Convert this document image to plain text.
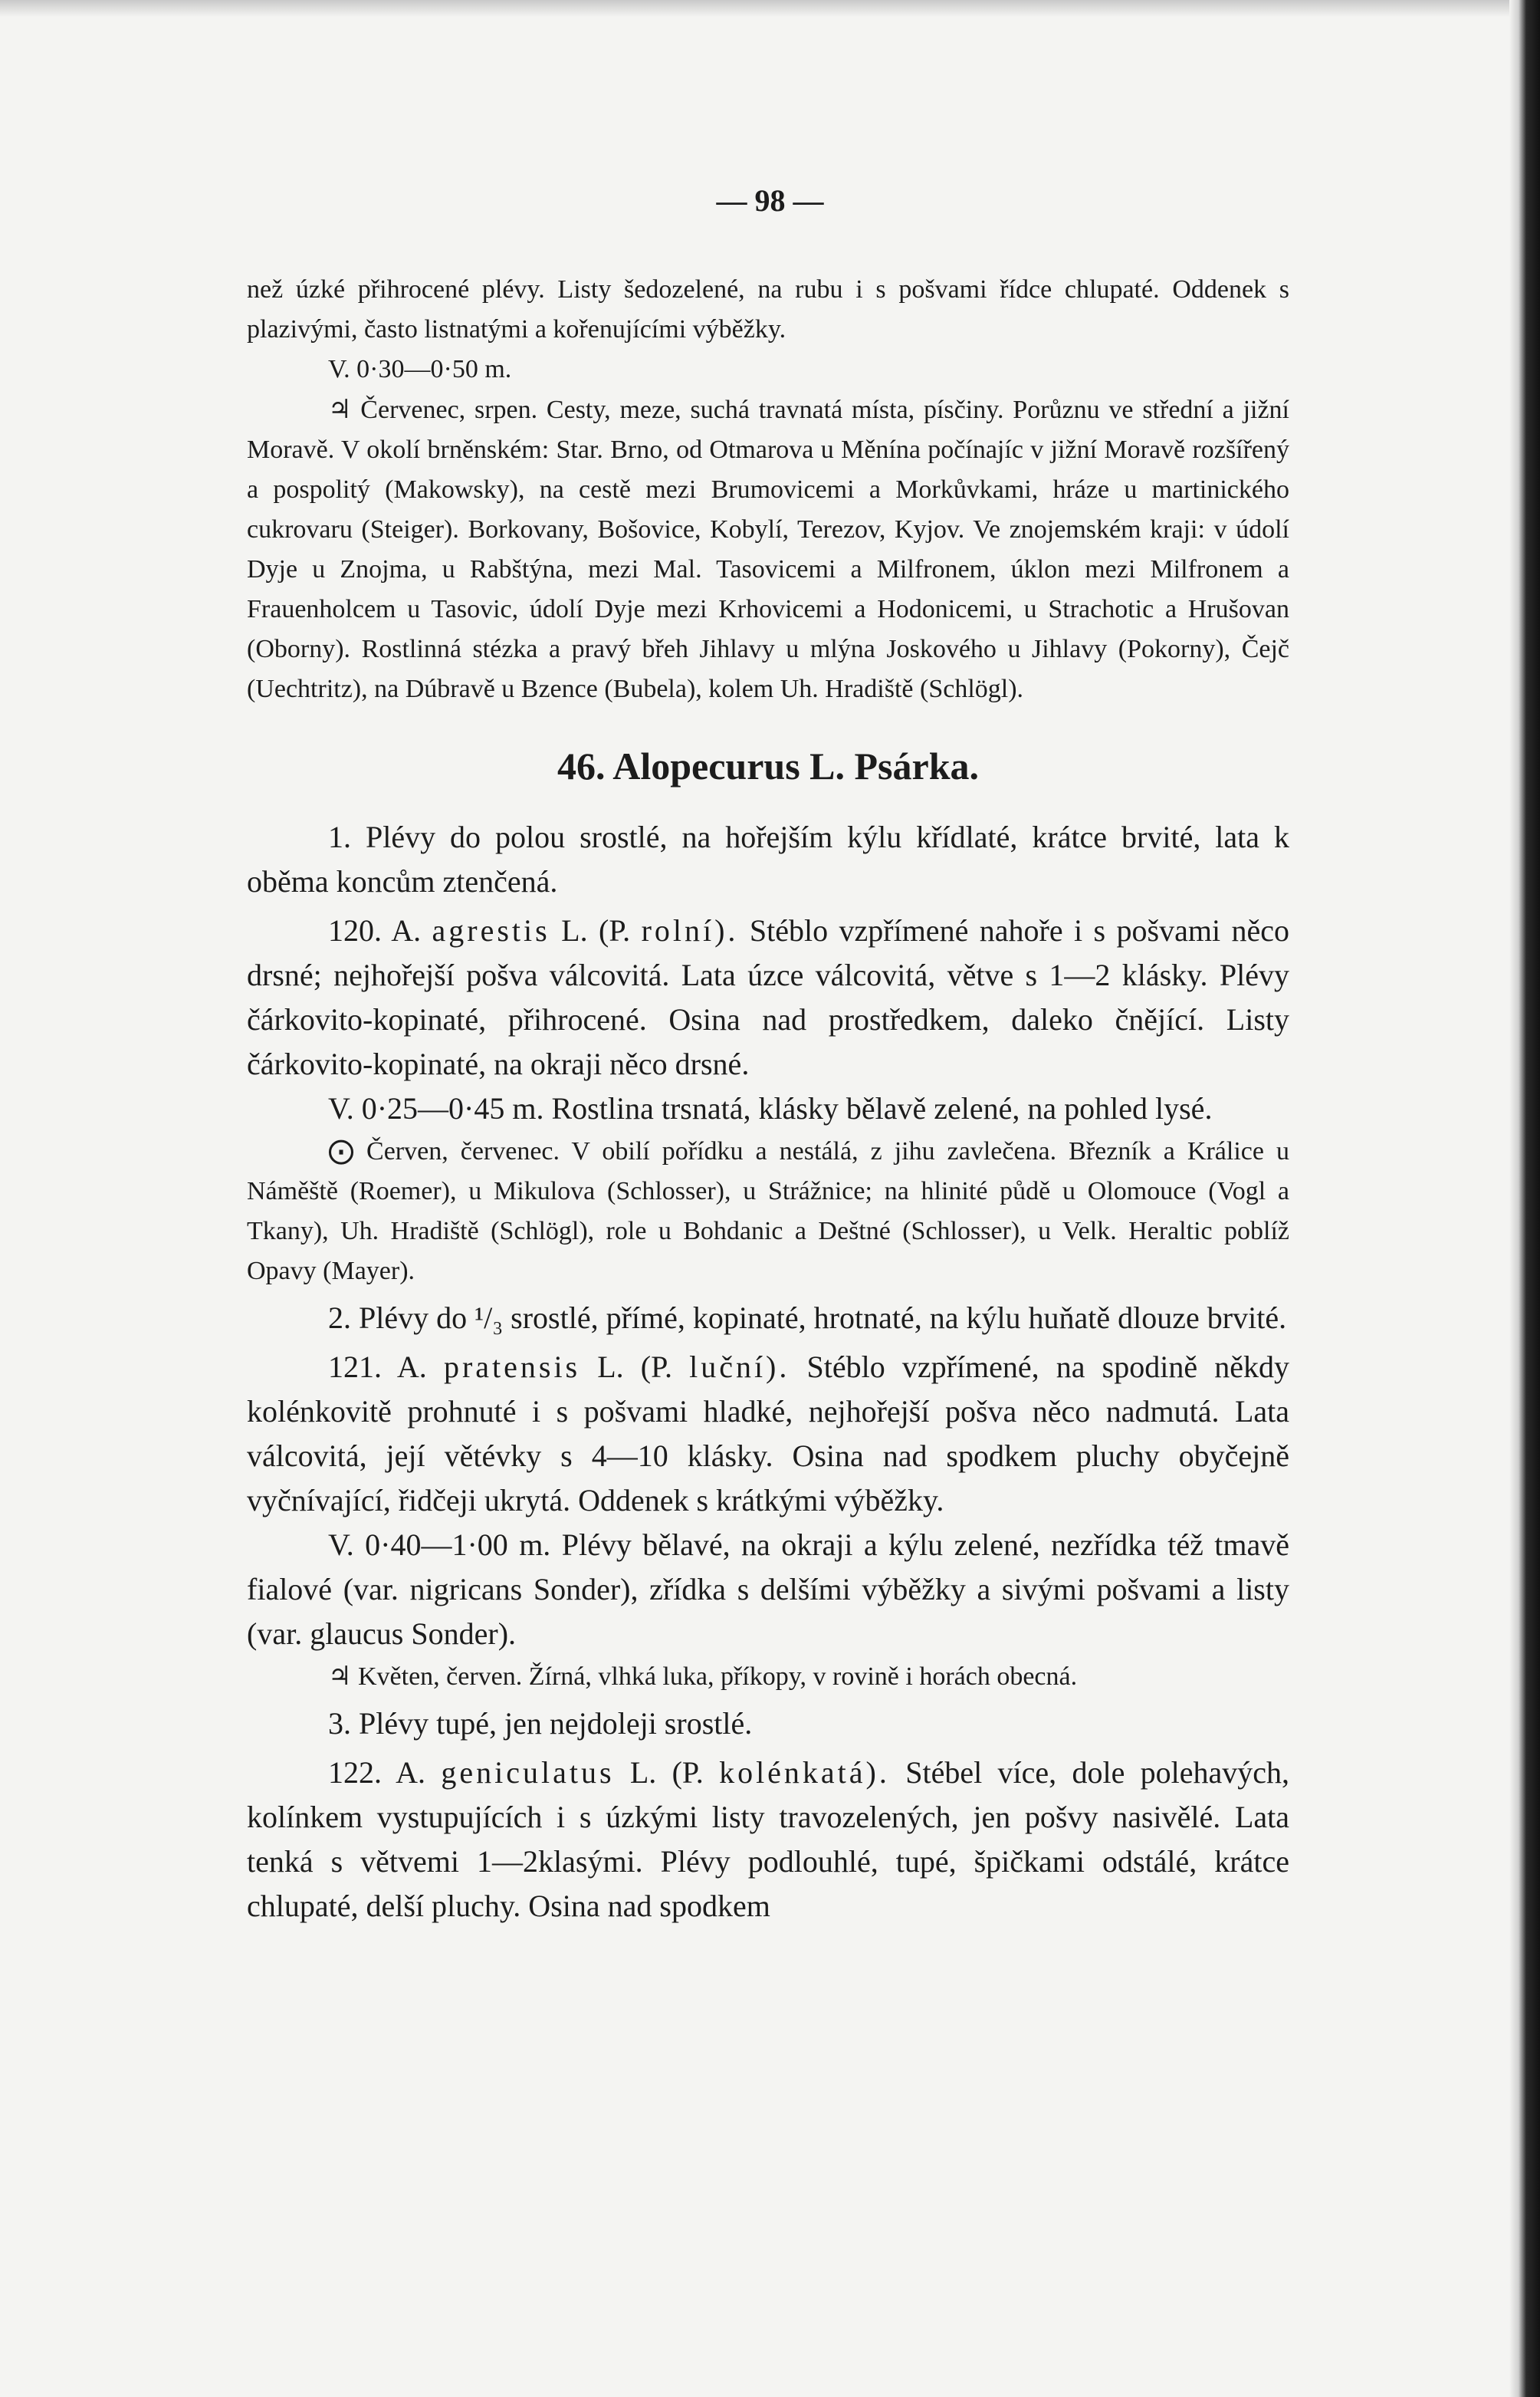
— 98 —

než úzké přihrocené plévy. Listy šedozelené, na rubu i s pošvami řídce chlupaté. Oddenek s plazivými, často listnatými a kořenujícími výběžky.

V. 0·30—0·50 m.

♃ Červenec, srpen. Cesty, meze, suchá travnatá místa, písčiny. Porůznu ve střední a jižní Moravě. V okolí brněnském: Star. Brno, od Otmarova u Měnína počínajíc v jižní Moravě rozšířený a pospolitý (Makowsky), na cestě mezi Brumovicemi a Morkůvkami, hráze u martinického cukrovaru (Steiger). Borkovany, Bošovice, Kobylí, Terezov, Kyjov. Ve znojemském kraji: v údolí Dyje u Znojma, u Rabštýna, mezi Mal. Tasovicemi a Milfronem, úklon mezi Milfronem a Frauenholcem u Tasovic, údolí Dyje mezi Krhovicemi a Hodonicemi, u Strachotic a Hrušovan (Oborny). Rostlinná stézka a pravý břeh Jihlavy u mlýna Joskového u Jihlavy (Pokorny), Čejč (Uechtritz), na Dúbravě u Bzence (Bubela), kolem Uh. Hradiště (Schlögl).

46. Alopecurus L. Psárka.

1. Plévy do polou srostlé, na hořejším kýlu křídlaté, krátce brvité, lata k oběma koncům ztenčená.

120. A. agrestis L. (P. rolní). Stéblo vzpřímené nahoře i s pošvami něco drsné; nejhořejší pošva válcovitá. Lata úzce válcovitá, větve s 1—2 klásky. Plévy čárkovito-kopinaté, přihrocené. Osina nad prostředkem, daleko čnějící. Listy čárkovito-kopinaté, na okraji něco drsné.

V. 0·25—0·45 m. Rostlina trsnatá, klásky bělavě zelené, na pohled lysé.

⨀ Červen, červenec. V obilí pořídku a nestálá, z jihu zavlečena. Březník a Králice u Náměště (Roemer), u Mikulova (Schlosser), u Strážnice; na hlinité půdě u Olomouce (Vogl a Tkany), Uh. Hradiště (Schlögl), role u Bohdanic a Deštné (Schlosser), u Velk. Heraltic poblíž Opavy (Mayer).

2. Plévy do ¹/₃ srostlé, přímé, kopinaté, hrotnaté, na kýlu huňatě dlouze brvité.

121. A. pratensis L. (P. luční). Stéblo vzpřímené, na spodině někdy kolénkovitě prohnuté i s pošvami hladké, nejhořejší pošva něco nadmutá. Lata válcovitá, její větévky s 4—10 klásky. Osina nad spodkem pluchy obyčejně vyčnívající, řidčeji ukrytá. Oddenek s krátkými výběžky.

V. 0·40—1·00 m. Plévy bělavé, na okraji a kýlu zelené, nezřídka též tmavě fialové (var. nigricans Sonder), zřídka s delšími výběžky a sivými pošvami a listy (var. glaucus Sonder).

♃ Květen, červen. Žírná, vlhká luka, příkopy, v rovině i horách obecná.

3. Plévy tupé, jen nejdoleji srostlé.

122. A. geniculatus L. (P. kolénkatá). Stébel více, dole polehavých, kolínkem vystupujících i s úzkými listy travozelených, jen pošvy nasivělé. Lata tenká s větvemi 1—2klasými. Plévy podlouhlé, tupé, špičkami odstálé, krátce chlupaté, delší pluchy. Osina nad spodkem
